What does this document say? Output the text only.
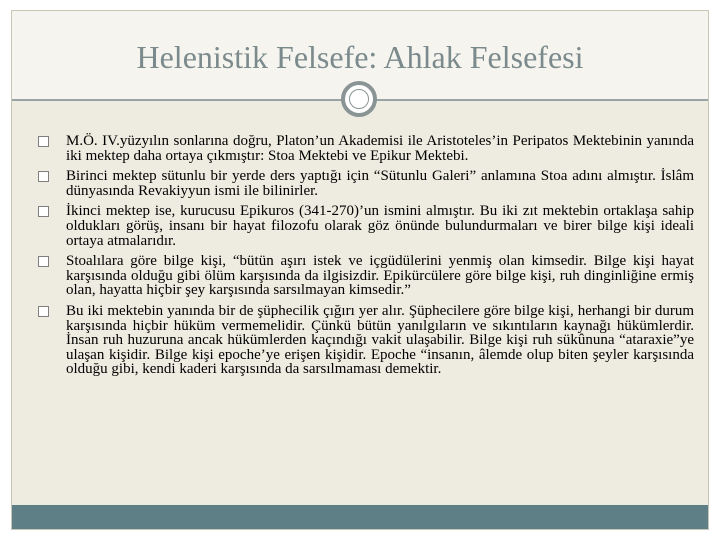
Helenistik Felsefe: Ahlak Felsefesi
M.Ö. IV.yüzyılın sonlarına doğru, Platon’un Akademisi ile Aristoteles’in Peripatos Mektebinin yanında iki mektep daha ortaya çıkmıştır: Stoa Mektebi ve Epikur Mektebi.
Birinci mektep sütunlu bir yerde ders yaptığı için “Sütunlu Galeri” anlamına Stoa adını almıştır. İslâm dünyasında Revakiyyun ismi ile bilinirler.
İkinci mektep ise, kurucusu Epikuros (341-270)’un ismini almıştır. Bu iki zıt mektebin ortaklaşa sahip oldukları görüş, insanı bir hayat filozofu olarak göz önünde bulundurmaları ve birer bilge kişi ideali ortaya atmalarıdır.
Stoalılara göre bilge kişi, “bütün aşırı istek ve içgüdülerini yenmiş olan kimsedir. Bilge kişi hayat karşısında olduğu gibi ölüm karşısında da ilgisizdir. Epikürcülere göre bilge kişi, ruh dinginliğine ermiş olan, hayatta hiçbir şey karşısında sarsılmayan kimsedir.”
Bu iki mektebin yanında bir de şüphecilik çığırı yer alır. Şüphecilere göre bilge kişi, herhangi bir durum karşısında hiçbir hüküm vermemelidir. Çünkü bütün yanılgıların ve sıkıntıların kaynağı hükümlerdir. İnsan ruh huzuruna ancak hükümlerden kaçındığı vakit ulaşabilir. Bilge kişi ruh sükûnuna “ataraxie”ye ulaşan kişidir. Bilge kişi epoche’ye erişen kişidir. Epoche “insanın, âlemde olup biten şeyler karşısında olduğu gibi, kendi kaderi karşısında da sarsılmaması demektir.
